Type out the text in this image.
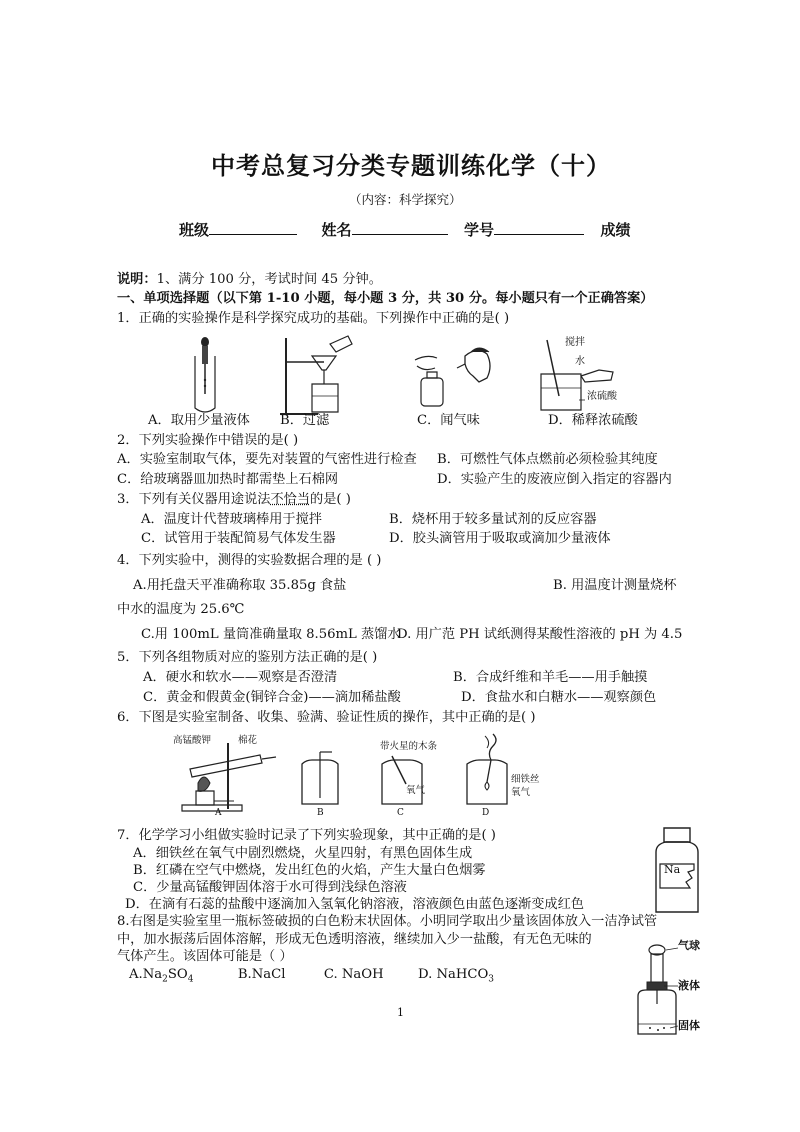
中考总复习分类专题训练化学（十）
（内容：科学探究）
班级	姓名	学号	成绩
说明：1、满分 100 分，考试时间 45 分钟。
一、单项选择题（以下第 1-10 小题，每小题 3 分，共 30 分。每小题只有一个正确答案）
1．正确的实验操作是科学探究成功的基础。下列操作中正确的是( )
搅拌
水
浓硫酸
A．取用少量液体 B．过滤	C．闻气味	D．稀释浓硫酸
2．下列实验操作中错误的是( )
A．实验室制取气体，要先对装置的气密性进行检查 B．可燃性气体点燃前必须检验其纯度
C．给玻璃器皿加热时都需垫上石棉网	D．实验产生的废液应倒入指定的容器内
3．下列有关仪器用途说法不恰当的是( )
A．温度计代替玻璃棒用于搅拌	B．烧杯用于较多量试剂的反应容器
C．试管用于装配简易气体发生器	D．胶头滴管用于吸取或滴加少量液体
4．下列实验中，测得的实验数据合理的是 ( )
A.用托盘天平准确称取 35.85g 食盐	B. 用温度计测量烧杯
中水的温度为 25.6℃
C.用 100mL 量筒准确量取 8.56mL 蒸馏水
D. 用广范 PH 试纸测得某酸性溶液的 pH 为 4.5
5．下列各组物质对应的鉴别方法正确的是( )
A．硬水和软水——观察是否澄清	B．合成纤维和羊毛——用手触摸
C．黄金和假黄金(铜锌合金)——滴加稀盐酸	D．食盐水和白糖水——观察颜色
6．下图是实验室制备、收集、验满、验证性质的操作，其中正确的是( )
高锰酸钾	棉花
带火星的木条
氧气
细铁丝
氧气
A	B	C	D
7．化学学习小组做实验时记录了下列实验现象，其中正确的是( )
A．细铁丝在氧气中剧烈燃烧，火星四射，有黑色固体生成
B．红磷在空气中燃烧，发出红色的火焰，产生大量白色烟雾
C．少量高锰酸钾固体溶于水可得到浅绿色溶液
D．在滴有石蕊的盐酸中逐滴加入氢氧化钠溶液，溶液颜色由蓝色逐渐变成红色
Na
8.右图是实验室里一瓶标签破损的白色粉末状固体。小明同学取出少量该固体放入一洁净试管
中，加水振荡后固体溶解，形成无色透明溶液，继续加入少一盐酸，有无色无味的
气体产生。该固体可能是（ ）
$A.Na_2SO_4$	B.NaCl	C. NaOH	D. NaHCO$_3$
气球
液体
固体
1
